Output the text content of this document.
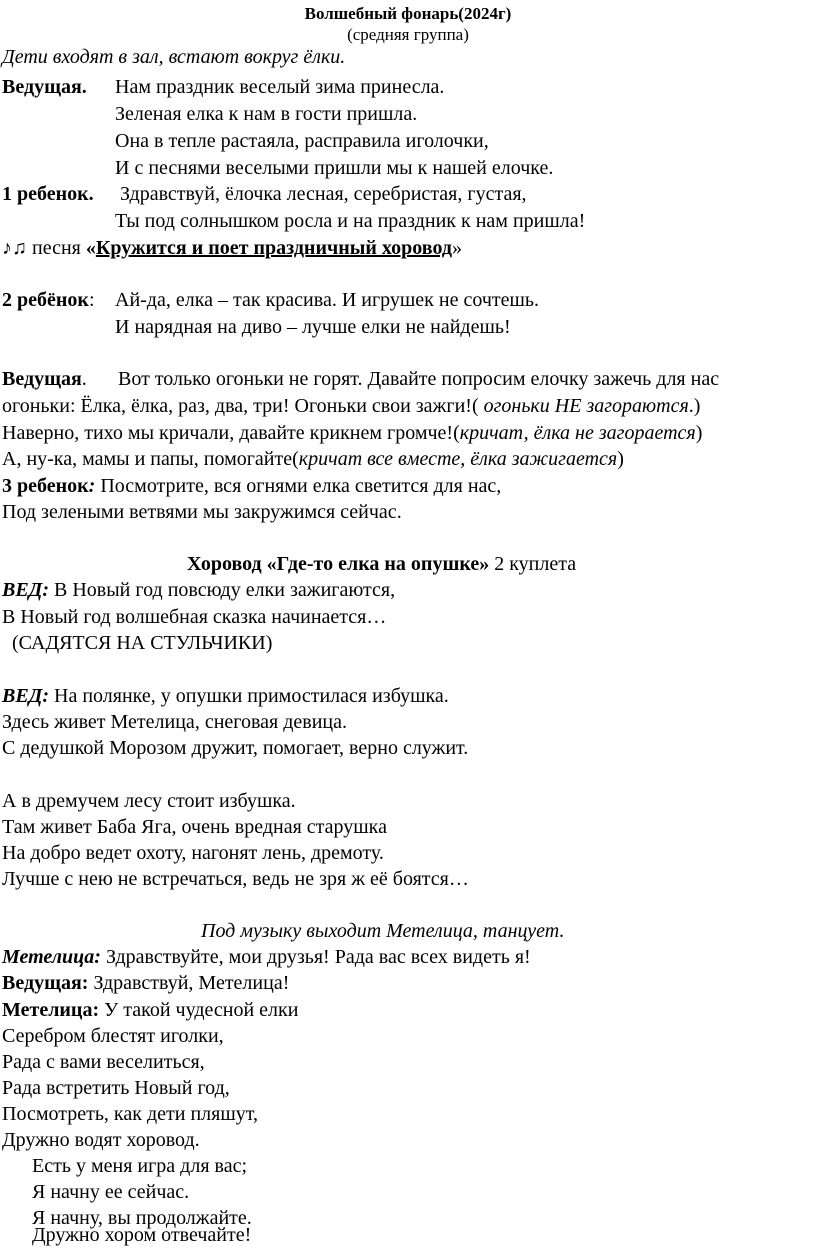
Волшебный фонарь(2024г)
(средняя группа)
Дети входят в зал, встают вокруг ёлки.
Ведущая. Нам праздник веселый зима принесла.
Зеленая елка к нам в гости пришла.
Она в тепле растаяла, расправила иголочки,
И с песнями веселыми пришли мы к нашей елочке.
1 ребенок. Здравствуй, ёлочка лесная, серебристая, густая,
Ты под солнышком росла и на праздник к нам пришла!
♪♫ песня «Кружится и поет праздничный хоровод»
2 ребёнок: Ай-да, елка – так красива. И игрушек не сочтешь.
И нарядная на диво – лучше елки не найдешь!
Ведущая. Вот только огоньки не горят. Давайте попросим елочку зажечь для нас
огоньки: Ёлка, ёлка, раз, два, три! Огоньки свои зажги!( огоньки НЕ загораются.)
Наверно, тихо мы кричали, давайте крикнем громче!(кричат, ёлка не загорается)
А, ну-ка, мамы и папы, помогайте(кричат все вместе, ёлка зажигается)
3 ребенок: Посмотрите, вся огнями елка светится для нас,
Под зелеными ветвями мы закружимся сейчас.
Хоровод «Где-то елка на опушке» 2 куплета
ВЕД: В Новый год повсюду елки зажигаются,
В Новый год волшебная сказка начинается…
(САДЯТСЯ НА СТУЛЬЧИКИ)
ВЕД: На полянке, у опушки примостилася избушка.
Здесь живет Метелица, снеговая девица.
С дедушкой Морозом дружит, помогает, верно служит.
А в дремучем лесу стоит избушка.
Там живет Баба Яга, очень вредная старушка
На добро ведет охоту, нагонят лень, дремоту.
Лучше с нею не встречаться, ведь не зря ж её боятся…
Под музыку выходит Метелица, танцует.
Метелица: Здравствуйте, мои друзья! Рада вас всех видеть я!
Ведущая: Здравствуй, Метелица!
Метелица: У такой чудесной елки
Серебром блестят иголки,
Рада с вами веселиться,
Рада встретить Новый год,
Посмотреть, как дети пляшут,
Дружно водят хоровод.
Есть у меня игра для вас;
Я начну ее сейчас.
Я начну, вы продолжайте.
Дружно хором отвечайте!
